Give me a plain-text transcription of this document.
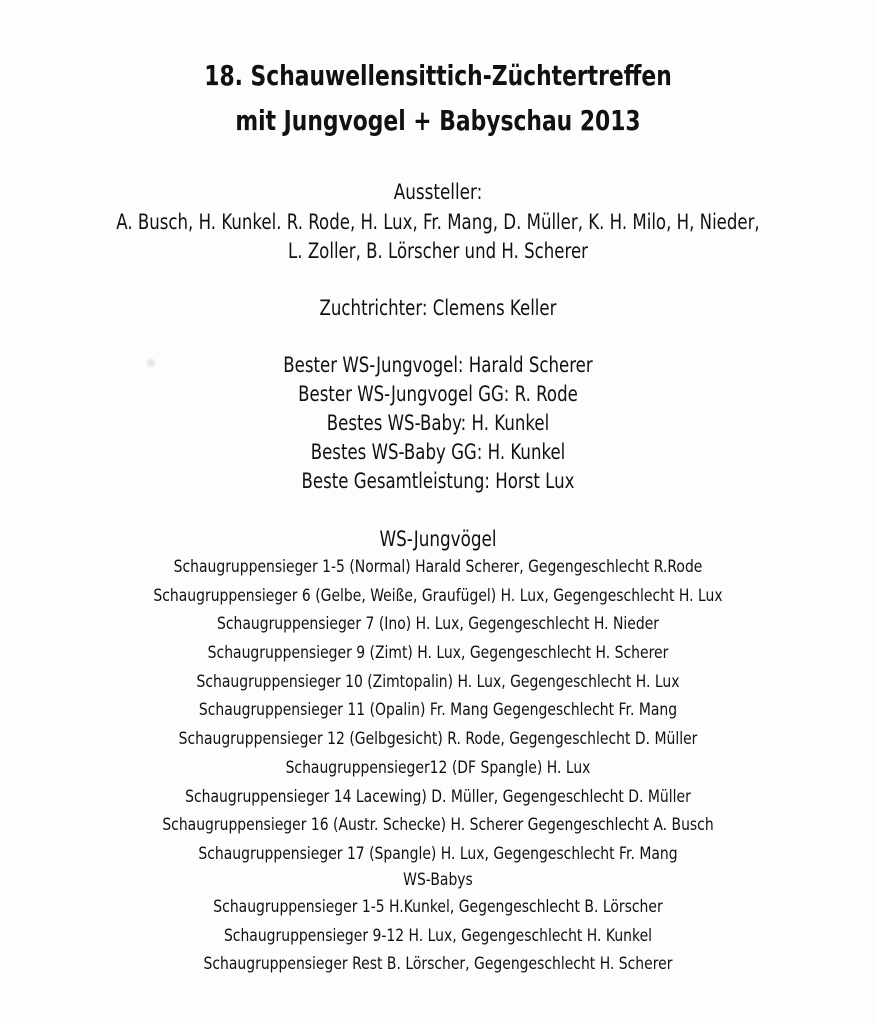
18. Schauwellensittich-Züchtertreffen
mit Jungvogel + Babyschau 2013
Aussteller:
A. Busch, H. Kunkel. R. Rode, H. Lux, Fr. Mang, D. Müller, K. H. Milo, H, Nieder,
L. Zoller, B. Lörscher und H. Scherer
Zuchtrichter: Clemens Keller
Bester WS-Jungvogel: Harald Scherer
Bester WS-Jungvogel GG: R. Rode
Bestes WS-Baby: H. Kunkel
Bestes WS-Baby GG: H. Kunkel
Beste Gesamtleistung: Horst Lux
WS-Jungvögel
Schaugruppensieger 1-5 (Normal) Harald Scherer, Gegengeschlecht R.Rode
Schaugruppensieger 6 (Gelbe, Weiße, Graufügel) H. Lux, Gegengeschlecht H. Lux
Schaugruppensieger 7 (Ino) H. Lux, Gegengeschlecht H. Nieder
Schaugruppensieger 9 (Zimt) H. Lux, Gegengeschlecht H. Scherer
Schaugruppensieger 10 (Zimtopalin) H. Lux, Gegengeschlecht H. Lux
Schaugruppensieger 11 (Opalin) Fr. Mang Gegengeschlecht Fr. Mang
Schaugruppensieger 12 (Gelbgesicht) R. Rode, Gegengeschlecht D. Müller
Schaugruppensieger12 (DF Spangle) H. Lux
Schaugruppensieger 14 Lacewing) D. Müller, Gegengeschlecht D. Müller
Schaugruppensieger 16 (Austr. Schecke) H. Scherer Gegengeschlecht A. Busch
Schaugruppensieger 17 (Spangle) H. Lux, Gegengeschlecht Fr. Mang
WS-Babys
Schaugruppensieger 1-5 H.Kunkel, Gegengeschlecht B. Lörscher
Schaugruppensieger 9-12 H. Lux, Gegengeschlecht H. Kunkel
Schaugruppensieger Rest B. Lörscher, Gegengeschlecht H. Scherer
